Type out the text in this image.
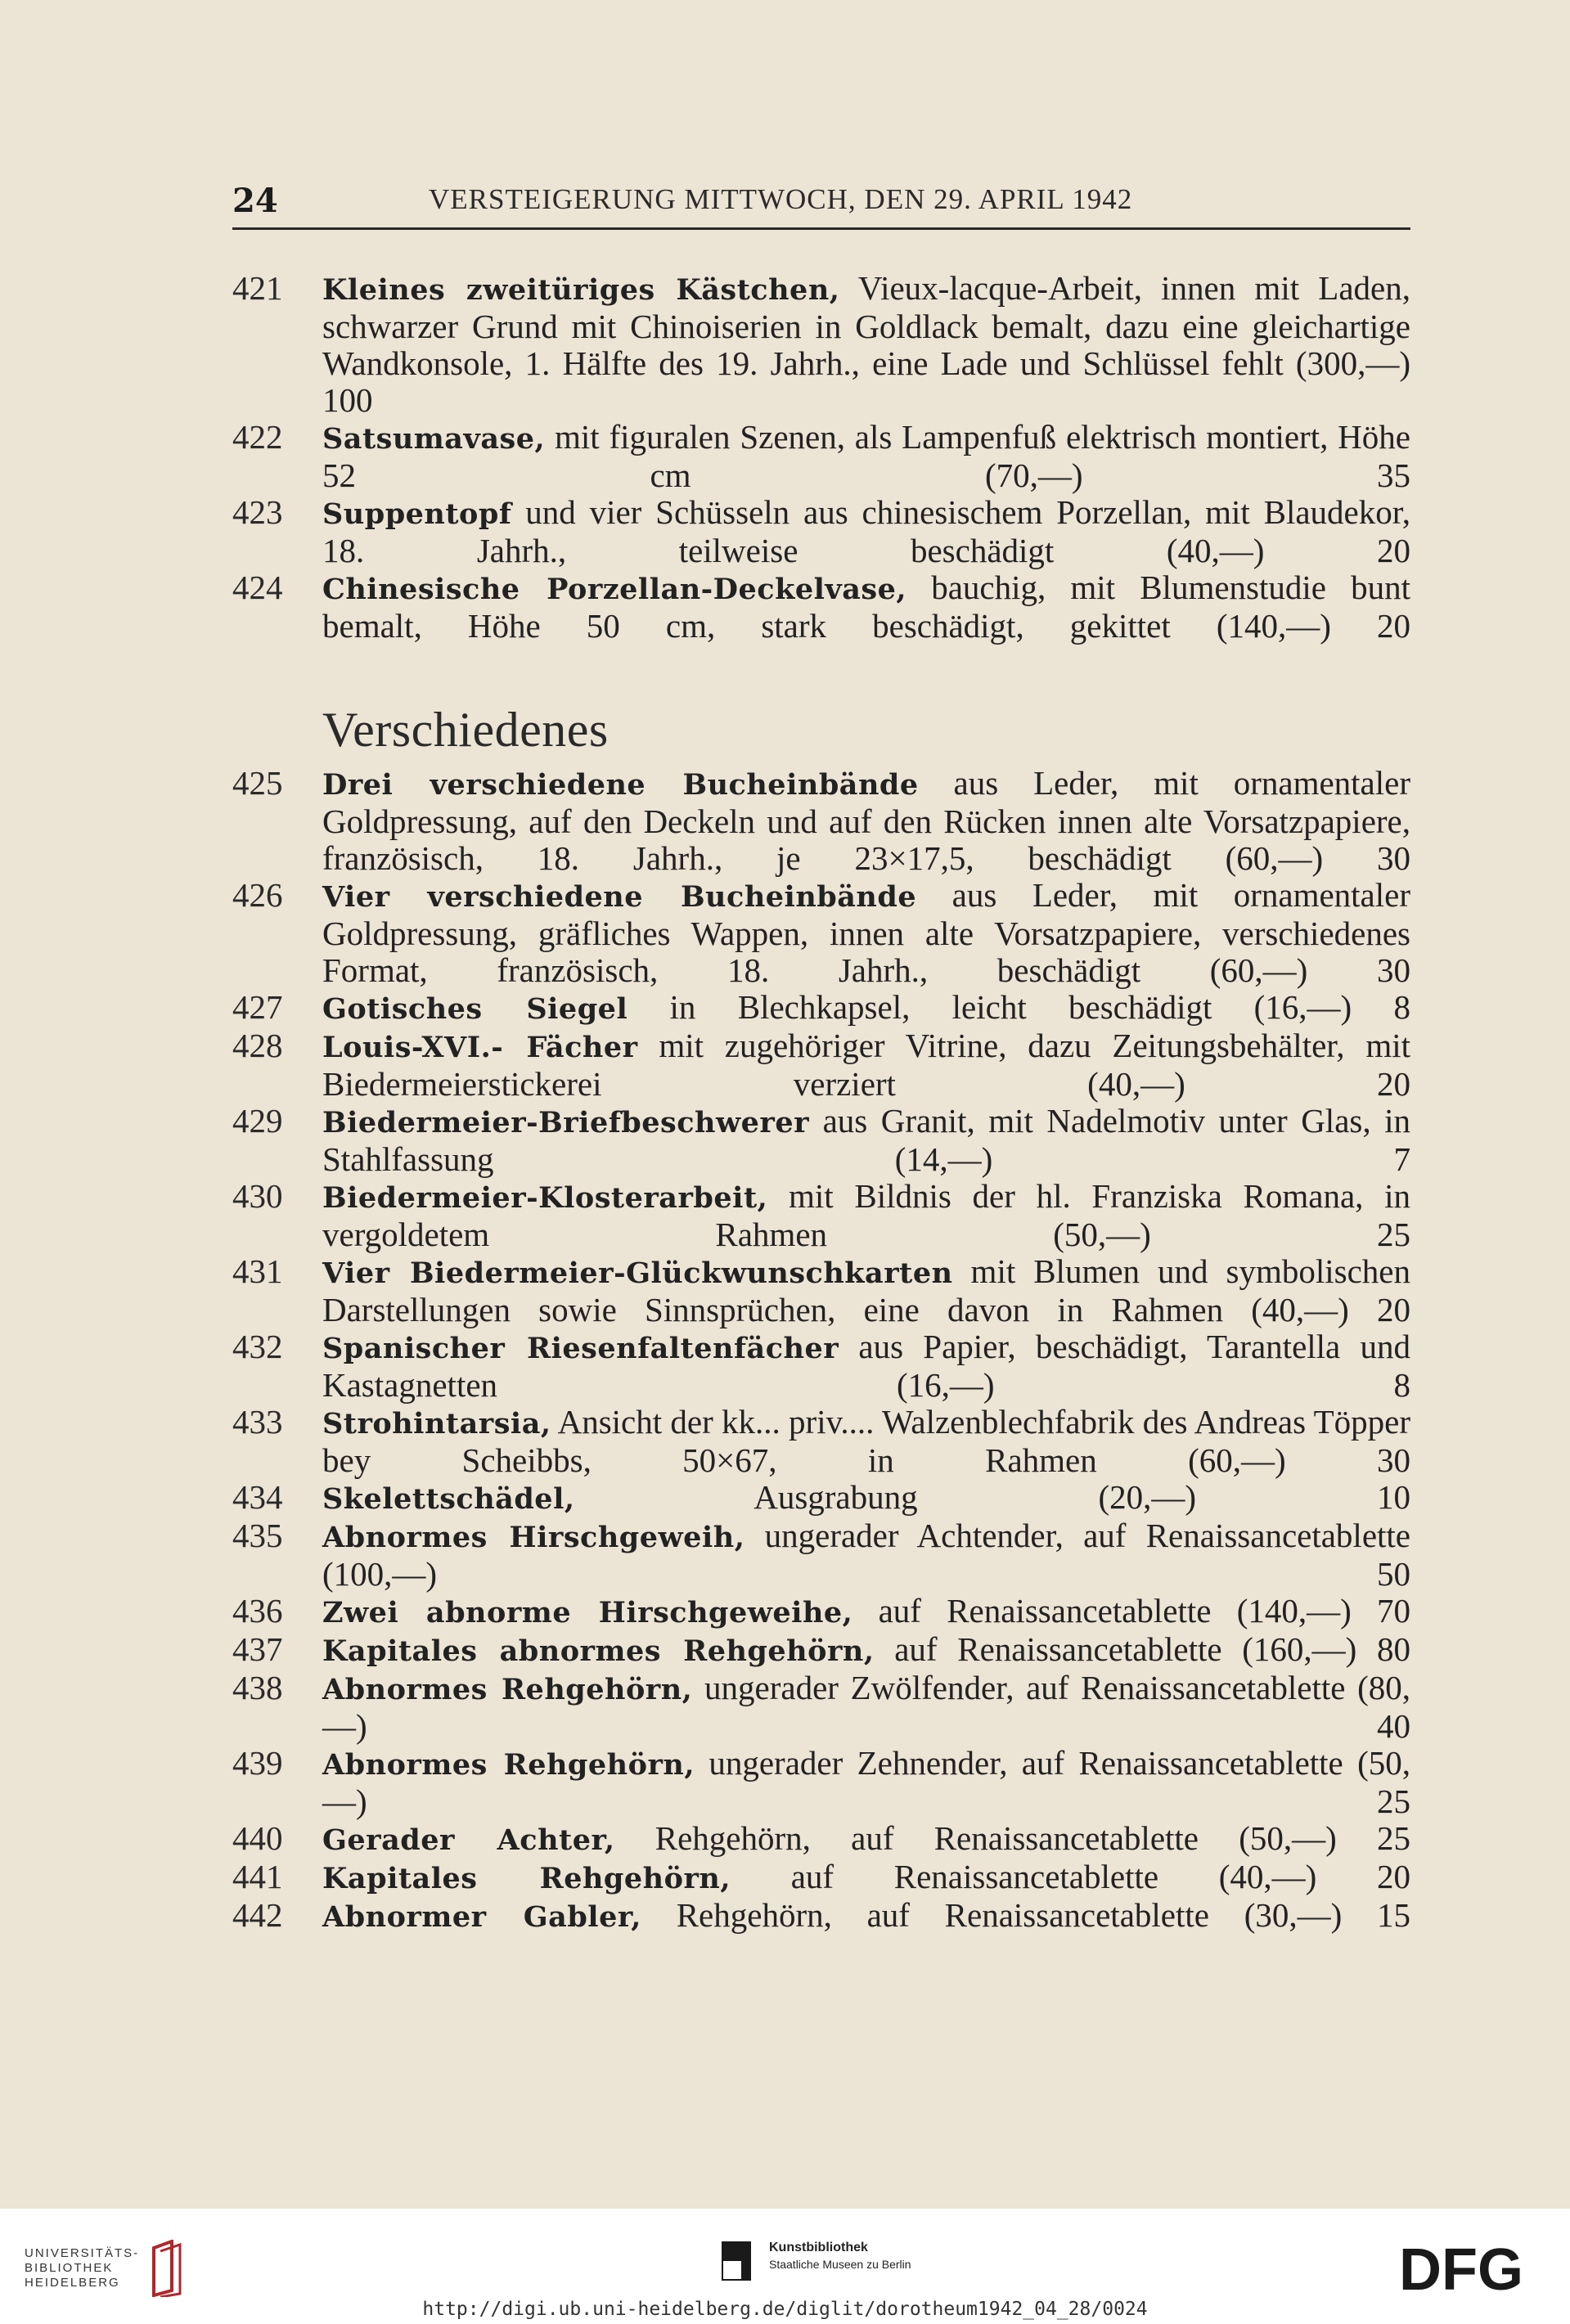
24	VERSTEIGERUNG MITTWOCH, DEN 29. APRIL 1942
421 Kleines zweitüriges Kästchen, Vieux-lacque-Arbeit, innen mit Laden, schwarzer Grund mit Chinoiserien in Goldlack bemalt, dazu eine gleichartige Wandkonsole, 1. Hälfte des 19. Jahrh., eine Lade und Schlüssel fehlt (300,—) 100
422 Satsumavase, mit figuralen Szenen, als Lampenfuß elektrisch montiert, Höhe 52 cm (70,—)	35
423 Suppentopf und vier Schüsseln aus chinesischem Porzellan, mit Blaudekor, 18. Jahrh., teilweise beschädigt (40,—)	20
424 Chinesische Porzellan-Deckelvase, bauchig, mit Blumenstudie bunt bemalt, Höhe 50 cm, stark beschädigt, gekittet (140,—) 20
Verschiedenes
425 Drei verschiedene Bucheinbände aus Leder, mit ornamentaler Goldpressung, auf den Deckeln und auf den Rücken innen alte Vorsatzpapiere, französisch, 18. Jahrh., je 23×17,5, beschädigt (60,—) 30
426 Vier verschiedene Bucheinbände aus Leder, mit ornamentaler Goldpressung, gräfliches Wappen, innen alte Vorsatzpapiere, verschiedenes Format, französisch, 18. Jahrh., beschädigt (60,—) 30
427 Gotisches Siegel in Blechkapsel, leicht beschädigt (16,—) 8
428 Louis-XVI.- Fächer mit zugehöriger Vitrine, dazu Zeitungsbehälter, mit Biedermeierstickerei verziert (40,—)	20
429 Biedermeier-Briefbeschwerer aus Granit, mit Nadelmotiv unter Glas, in Stahlfassung (14,—)	7
430 Biedermeier-Klosterarbeit, mit Bildnis der hl. Franziska Romana, in vergoldetem Rahmen (50,—)	25
431 Vier Biedermeier-Glückwunschkarten mit Blumen und symbolischen Darstellungen sowie Sinnsprüchen, eine davon in Rahmen (40,—) 20
432 Spanischer Riesenfaltenfächer aus Papier, beschädigt, Tarantella und Kastagnetten (16,—)	8
433 Strohintarsia, Ansicht der kk... priv.... Walzenblechfabrik des Andreas Töpper bey Scheibbs, 50×67, in Rahmen (60,—)	30
434 Skelettschädel, Ausgrabung (20,—)	10
435 Abnormes Hirschgeweih, ungerader Achtender, auf Renaissancetablette (100,—)	50
436 Zwei abnorme Hirschgeweihe, auf Renaissancetablette (140,—) 70
437 Kapitales abnormes Rehgehörn, auf Renaissancetablette (160,—) 80
438 Abnormes Rehgehörn, ungerader Zwölfender, auf Renaissancetablette (80,—)	40
439 Abnormes Rehgehörn, ungerader Zehnender, auf Renaissancetablette (50,—)	25
440 Gerader Achter, Rehgehörn, auf Renaissancetablette (50,—) 25
441 Kapitales Rehgehörn, auf Renaissancetablette (40,—) 20
442 Abnormer Gabler, Rehgehörn, auf Renaissancetablette (30,—) 15
UNIVERSITÄTS-
BIBLIOTHEK
HEIDELBERG
Kunstbibliothek
Staatliche Museen zu Berlin	DFG
http://digi.ub.uni-heidelberg.de/diglit/dorotheum1942_04_28/0024
